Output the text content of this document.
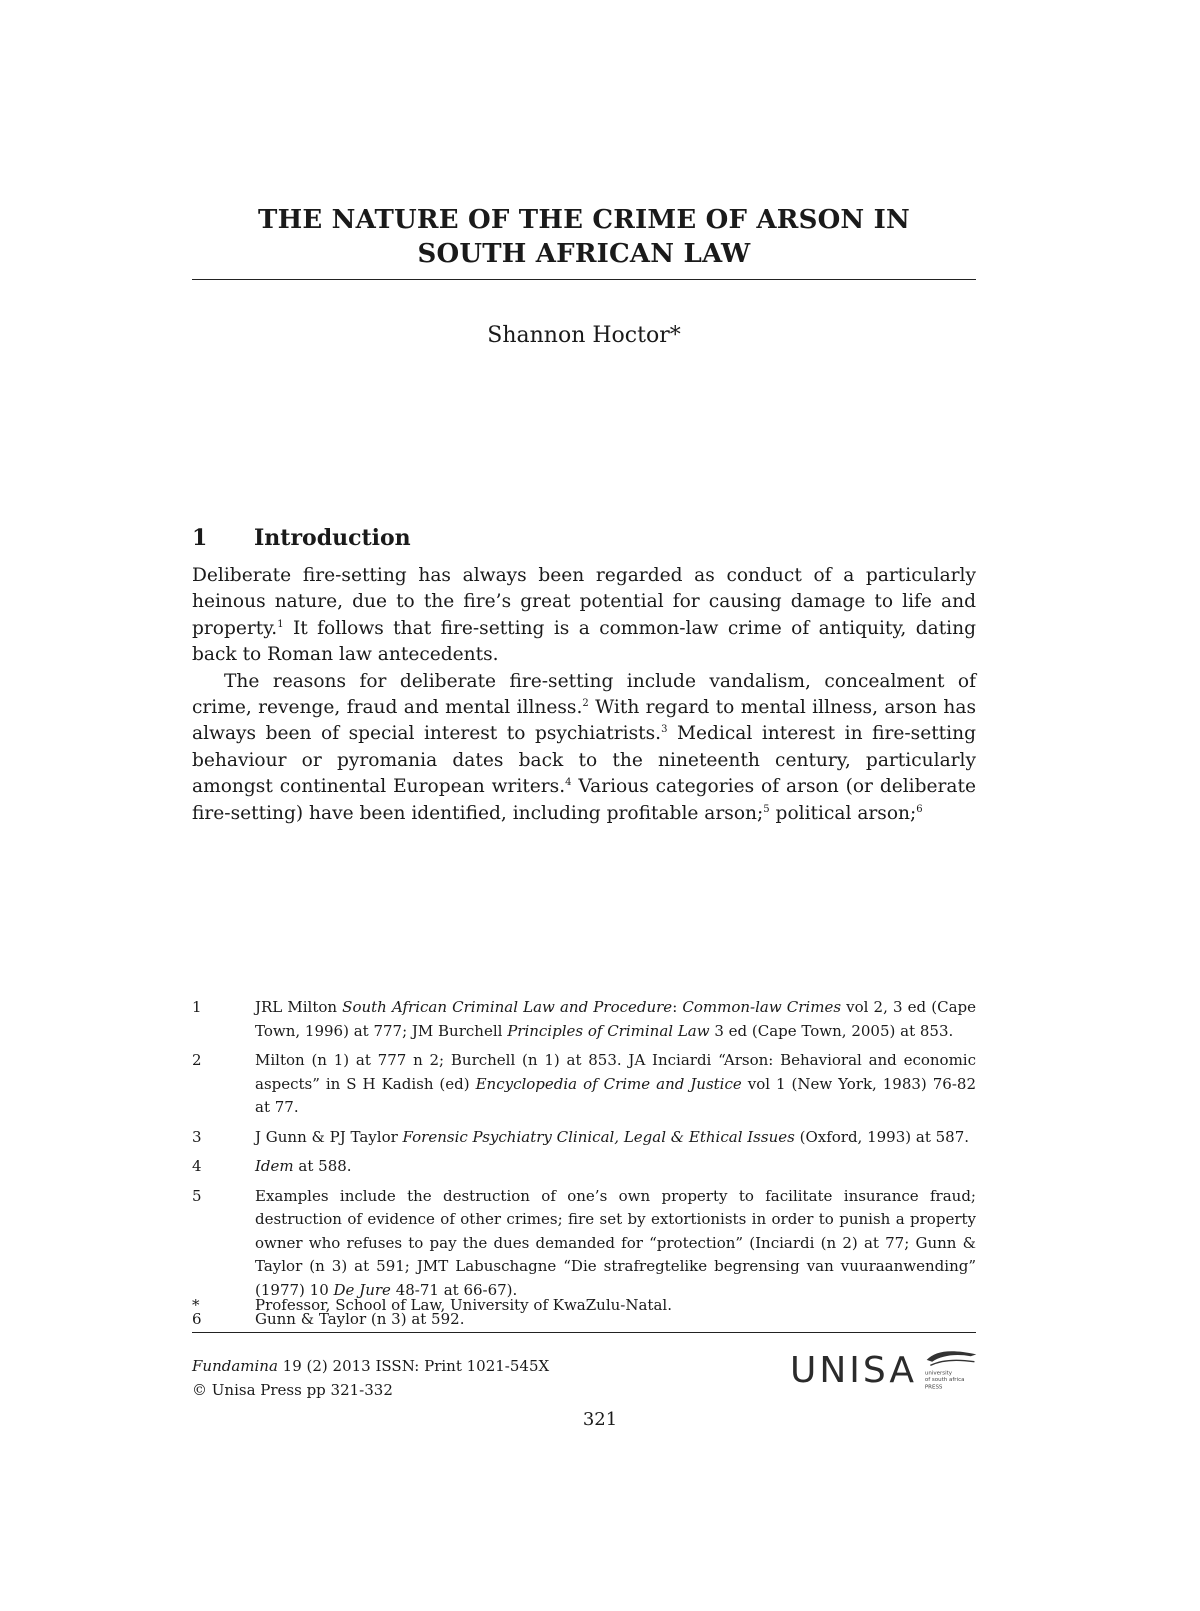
THE NATURE OF THE CRIME OF ARSON IN
SOUTH AFRICAN LAW
Shannon Hoctor*
1 Introduction

Deliberate fire-setting has always been regarded as conduct of a particularly heinous nature, due to the fire’s great potential for causing damage to life and property.$^1$ It follows that fire-setting is a common-law crime of antiquity, dating back to Roman law antecedents.

The reasons for deliberate fire-setting include vandalism, concealment of crime, revenge, fraud and mental illness.$^2$ With regard to mental illness, arson has always been of special interest to psychiatrists.$^3$ Medical interest in fire-setting behaviour or pyromania dates back to the nineteenth century, particularly amongst continental European writers.$^4$ Various categories of arson (or deliberate fire-setting) have been identified, including profitable arson;$^5$ political arson;$^6$

1	JRL Milton South African Criminal Law and Procedure: Common-law Crimes vol 2, 3 ed (Cape Town, 1996) at 777; JM Burchell Principles of Criminal Law 3 ed (Cape Town, 2005) at 853.
2	Milton (n 1) at 777 n 2; Burchell (n 1) at 853. JA Inciardi “Arson: Behavioral and economic aspects” in S H Kadish (ed) Encyclopedia of Crime and Justice vol 1 (New York, 1983) 76-82 at 77.
3	J Gunn & PJ Taylor Forensic Psychiatry Clinical, Legal & Ethical Issues (Oxford, 1993) at 587.
4	Idem at 588.
5	Examples include the destruction of one’s own property to facilitate insurance fraud; destruction of evidence of other crimes; fire set by extortionists in order to punish a property owner who refuses to pay the dues demanded for “protection” (Inciardi (n 2) at 77; Gunn & Taylor (n 3) at 591; JMT Labuschagne “Die strafregtelike begrensing van vuuraanwending” (1977) 10 De Jure 48-71 at 66-67).
6	Gunn & Taylor (n 3) at 592.
*	Professor, School of Law, University of KwaZulu-Natal.
Fundamina 19 (2) 2013 ISSN: Print 1021-545X
© Unisa Press pp 321-332	UNISA university
of south africa
PRESS
321
